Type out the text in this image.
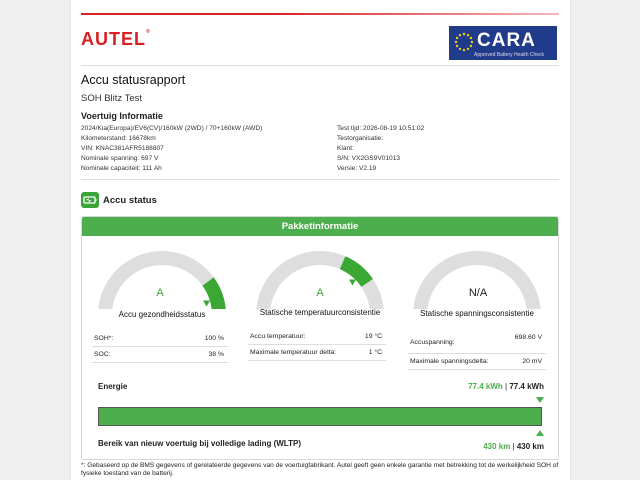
AUTEL®	CARA
Approved Battery Health Check
Accu statusrapport
SOH Blitz Test
Voertuig Informatie
2024/Kia(Europa)/EV6(CV)/160kW (2WD) / 70+160kW (AWD)
Kilometerstand: 16678km
VIN: KNAC381AFR5188807
Nominale spanning: 697 V
Nominale capaciteit: 111 Ah
Test tijd: 2026-08-19 10:51:02
Testorganisatie:
Klant:
S/N: VX2GS9V01013
Versie: V2.19
Accu status
Pakketinformatie
A
Accu gezondheidsstatus
A
Statische temperatuurconsistentie
N/A
Statische spanningsconsistentie
SOH*:	100 %
SOC:	38 %
Accu temperatuur:	19 °C
Maximale temperatuur delta:	1 °C
Accuspanning:
698.60 V
Maximale spanningsdelta:	20 mV
Energie	77.4 kWh | 77.4 kWh
Bereik van nieuw voertuig bij volledige lading (WLTP)	430 km | 430 km
*: Gebaseerd op de BMS gegevens of gerelateerde gegevens van de voertuigfabrikant. Autel geeft geen enkele garantie met betrekking tot de werkelijkheid SOH of fysieke toestand van de batterij.
